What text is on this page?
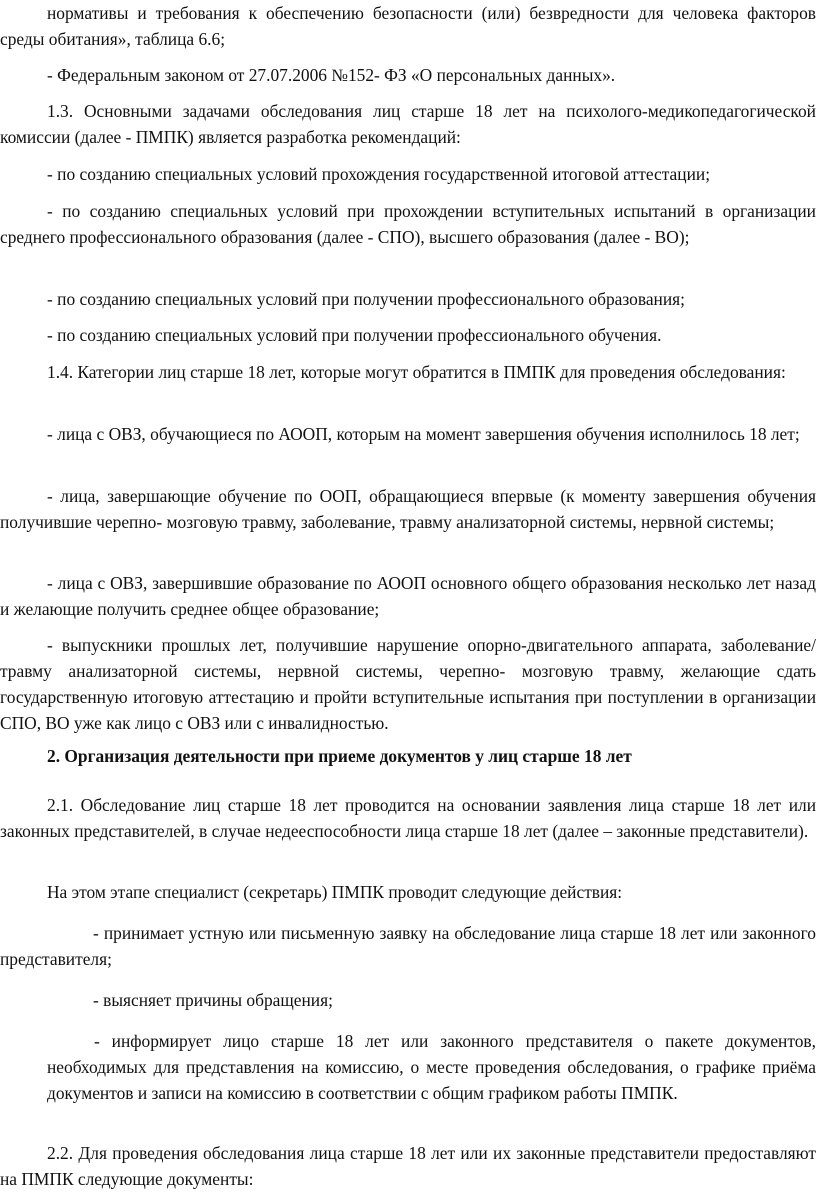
нормативы и требования к обеспечению безопасности (или) безвредности для человека факторов среды обитания», таблица 6.6;

- Федеральным законом от 27.07.2006 №152- ФЗ «О персональных данных».

1.3. Основными задачами обследования лиц старше 18 лет на психолого-медикопедагогической комиссии (далее - ПМПК) является разработка рекомендаций:

- по созданию специальных условий прохождения государственной итоговой аттестации;

- по созданию специальных условий при прохождении вступительных испытаний в организации среднего профессионального образования (далее - СПО), высшего образования (далее - ВО);

- по созданию специальных условий при получении профессионального образования;

- по созданию специальных условий при получении профессионального обучения.

1.4. Категории лиц старше 18 лет, которые могут обратится в ПМПК для проведения обследования:

- лица с ОВЗ, обучающиеся по АООП, которым на момент завершения обучения исполнилось 18 лет;

- лица, завершающие обучение по ООП, обращающиеся впервые (к моменту завершения обучения получившие черепно- мозговую травму, заболевание, травму анализаторной системы, нервной системы;

- лица с ОВЗ, завершившие образование по АООП основного общего образования несколько лет назад и желающие получить среднее общее образование;

- выпускники прошлых лет, получившие нарушение опорно-двигательного аппарата, заболевание/травму анализаторной системы, нервной системы, черепно- мозговую травму, желающие сдать государственную итоговую аттестацию и пройти вступительные испытания при поступлении в организации СПО, ВО уже как лицо с ОВЗ или с инвалидностью.

2. Организация деятельности при приеме документов у лиц старше 18 лет

2.1. Обследование лиц старше 18 лет проводится на основании заявления лица старше 18 лет или законных представителей, в случае недееспособности лица старше 18 лет (далее – законные представители).

На этом этапе специалист (секретарь) ПМПК проводит следующие действия:

- принимает устную или письменную заявку на обследование лица старше 18 лет или законного представителя;

- выясняет причины обращения;

- информирует лицо старше 18 лет или законного представителя о пакете документов, необходимых для представления на комиссию, о месте проведения обследования, о графике приёма документов и записи на комиссию в соответствии с общим графиком работы ПМПК.

2.2. Для проведения обследования лица старше 18 лет или их законные представители предоставляют на ПМПК следующие документы:
